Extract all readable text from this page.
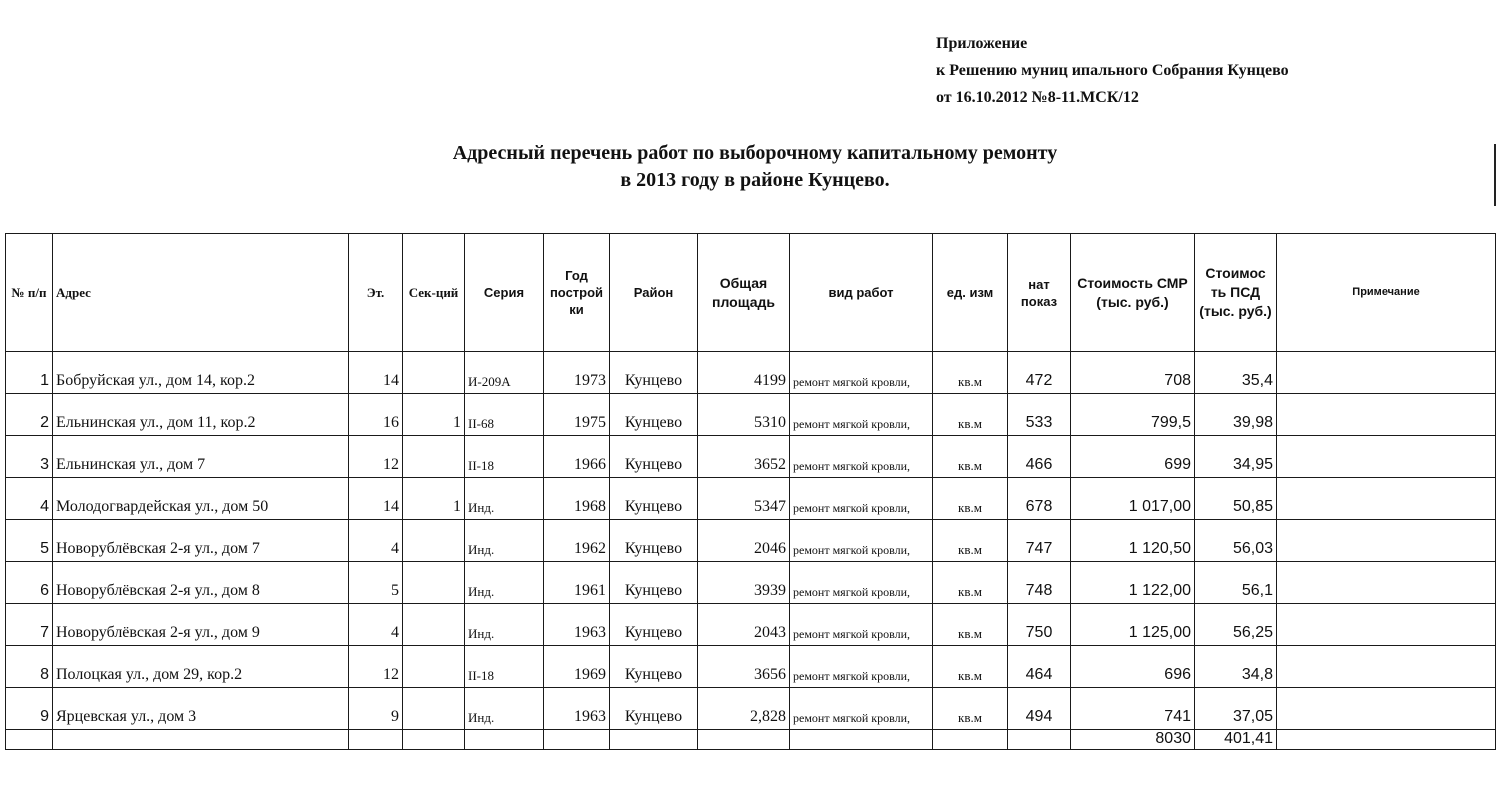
Приложение
к Решению муниц ипального Собрания Кунцево
от 16.10.2012 №8-11.МСК/12
Адресный перечень работ по выборочному капитальному ремонту
в 2013 году в районе Кунцево.
№ п/п	Адрес	Эт.	Сек-ций	Серия	Год построй ки	Район	Общая площадь	вид работ	ед. изм	нат показ	Стоимость СМР (тыс. руб.)	Стоимос ть ПСД (тыс. руб.)	Примечание
1	Бобруйская ул., дом 14, кор.2	14		И-209А	1973	Кунцево	4199	ремонт мягкой кровли,	кв.м	472	708	35,4	
2	Ельнинская ул., дом 11, кор.2	16	1	II-68	1975	Кунцево	5310	ремонт мягкой кровли,	кв.м	533	799,5	39,98	
3	Ельнинская ул., дом 7	12		II-18	1966	Кунцево	3652	ремонт мягкой кровли,	кв.м	466	699	34,95	
4	Молодогвардейская ул., дом 50	14	1	Инд.	1968	Кунцево	5347	ремонт мягкой кровли,	кв.м	678	1 017,00	50,85	
5	Новорублёвская 2-я ул., дом 7	4		Инд.	1962	Кунцево	2046	ремонт мягкой кровли,	кв.м	747	1 120,50	56,03	
6	Новорублёвская 2-я ул., дом 8	5		Инд.	1961	Кунцево	3939	ремонт мягкой кровли,	кв.м	748	1 122,00	56,1	
7	Новорублёвская 2-я ул., дом 9	4		Инд.	1963	Кунцево	2043	ремонт мягкой кровли,	кв.м	750	1 125,00	56,25	
8	Полоцкая ул., дом 29, кор.2	12		II-18	1969	Кунцево	3656	ремонт мягкой кровли,	кв.м	464	696	34,8	
9	Ярцевская ул., дом 3	9		Инд.	1963	Кунцево	2,828	ремонт мягкой кровли,	кв.м	494	741	37,05	
											8030	401,41	
